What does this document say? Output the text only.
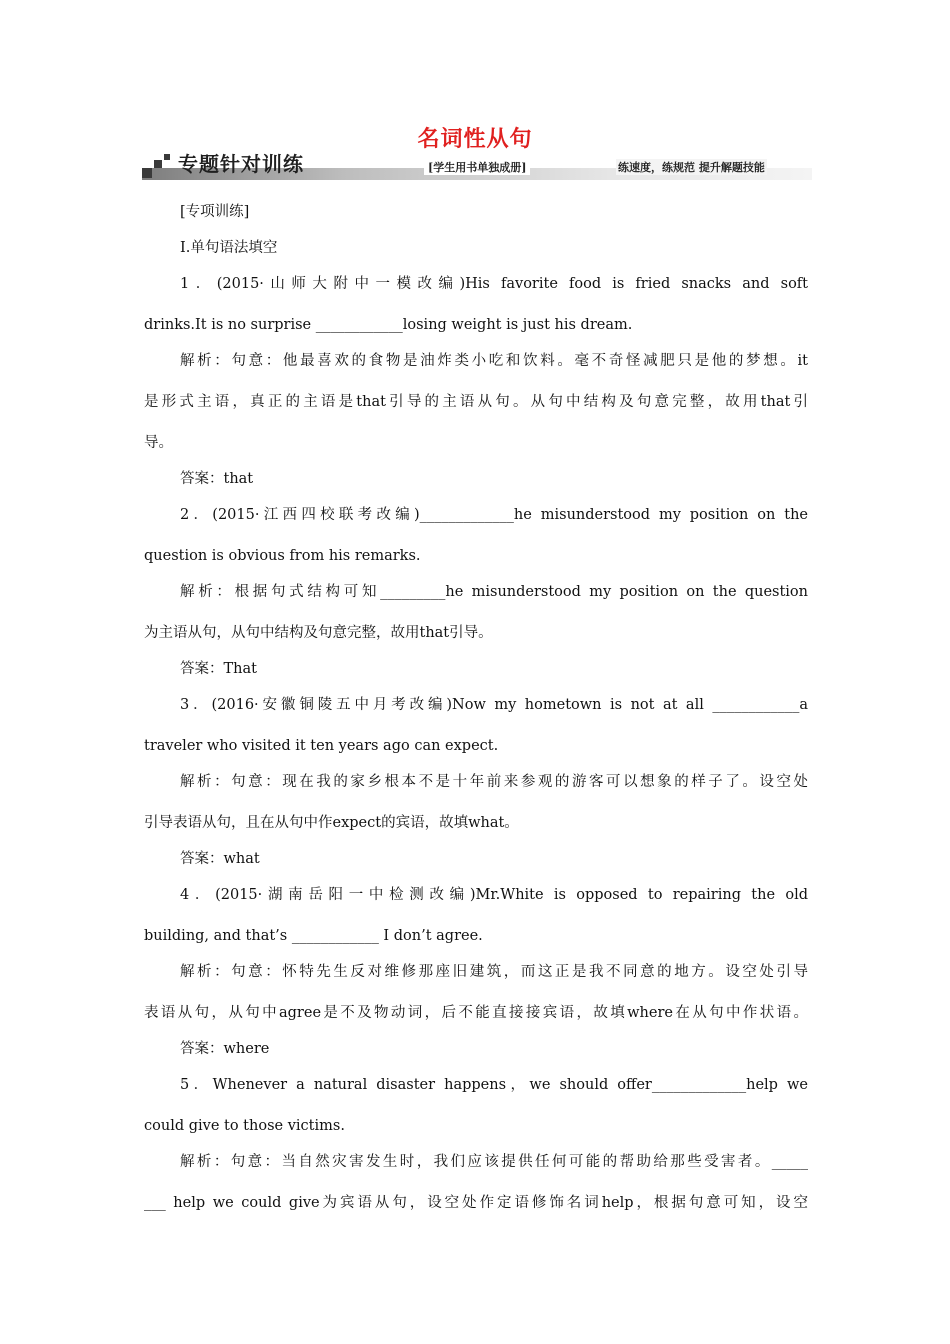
名词性从句
专题针对训练	[学生用书单独成册]	练速度，练规范 提升解题技能
[专项训练]
Ⅰ.单句语法填空
1．(2015·山师大附中一模改编)His favorite food is fried snacks and soft
drinks.It is no surprise ____________losing weight is just his dream.
解析：句意：他最喜欢的食物是油炸类小吃和饮料。毫不奇怪减肥只是他的梦想。it
是形式主语，真正的主语是that引导的主语从句。从句中结构及句意完整，故用that引
导。
答案：that
2．(2015·江西四校联考改编)_____________he misunderstood my position on the
question is obvious from his remarks.
解析：根据句式结构可知_________he misunderstood my position on the question
为主语从句，从句中结构及句意完整，故用that引导。
答案：That
3．(2016·安徽铜陵五中月考改编)Now my hometown is not at all ____________a
traveler who visited it ten years ago can expect.
解析：句意：现在我的家乡根本不是十年前来参观的游客可以想象的样子了。设空处
引导表语从句，且在从句中作expect的宾语，故填what。
答案：what
4．(2015·湖南岳阳一中检测改编)Mr.White is opposed to repairing the old
building, and that’s ____________ I don’t agree.
解析：句意：怀特先生反对维修那座旧建筑，而这正是我不同意的地方。设空处引导
表语从句，从句中agree是不及物动词，后不能直接接宾语，故填where在从句中作状语。
答案：where
5．Whenever a natural disaster happens，we should offer_____________help we
could give to those victims.
解析：句意：当自然灾害发生时，我们应该提供任何可能的帮助给那些受害者。_____
___ help we could give为宾语从句，设空处作定语修饰名词help，根据句意可知，设空
